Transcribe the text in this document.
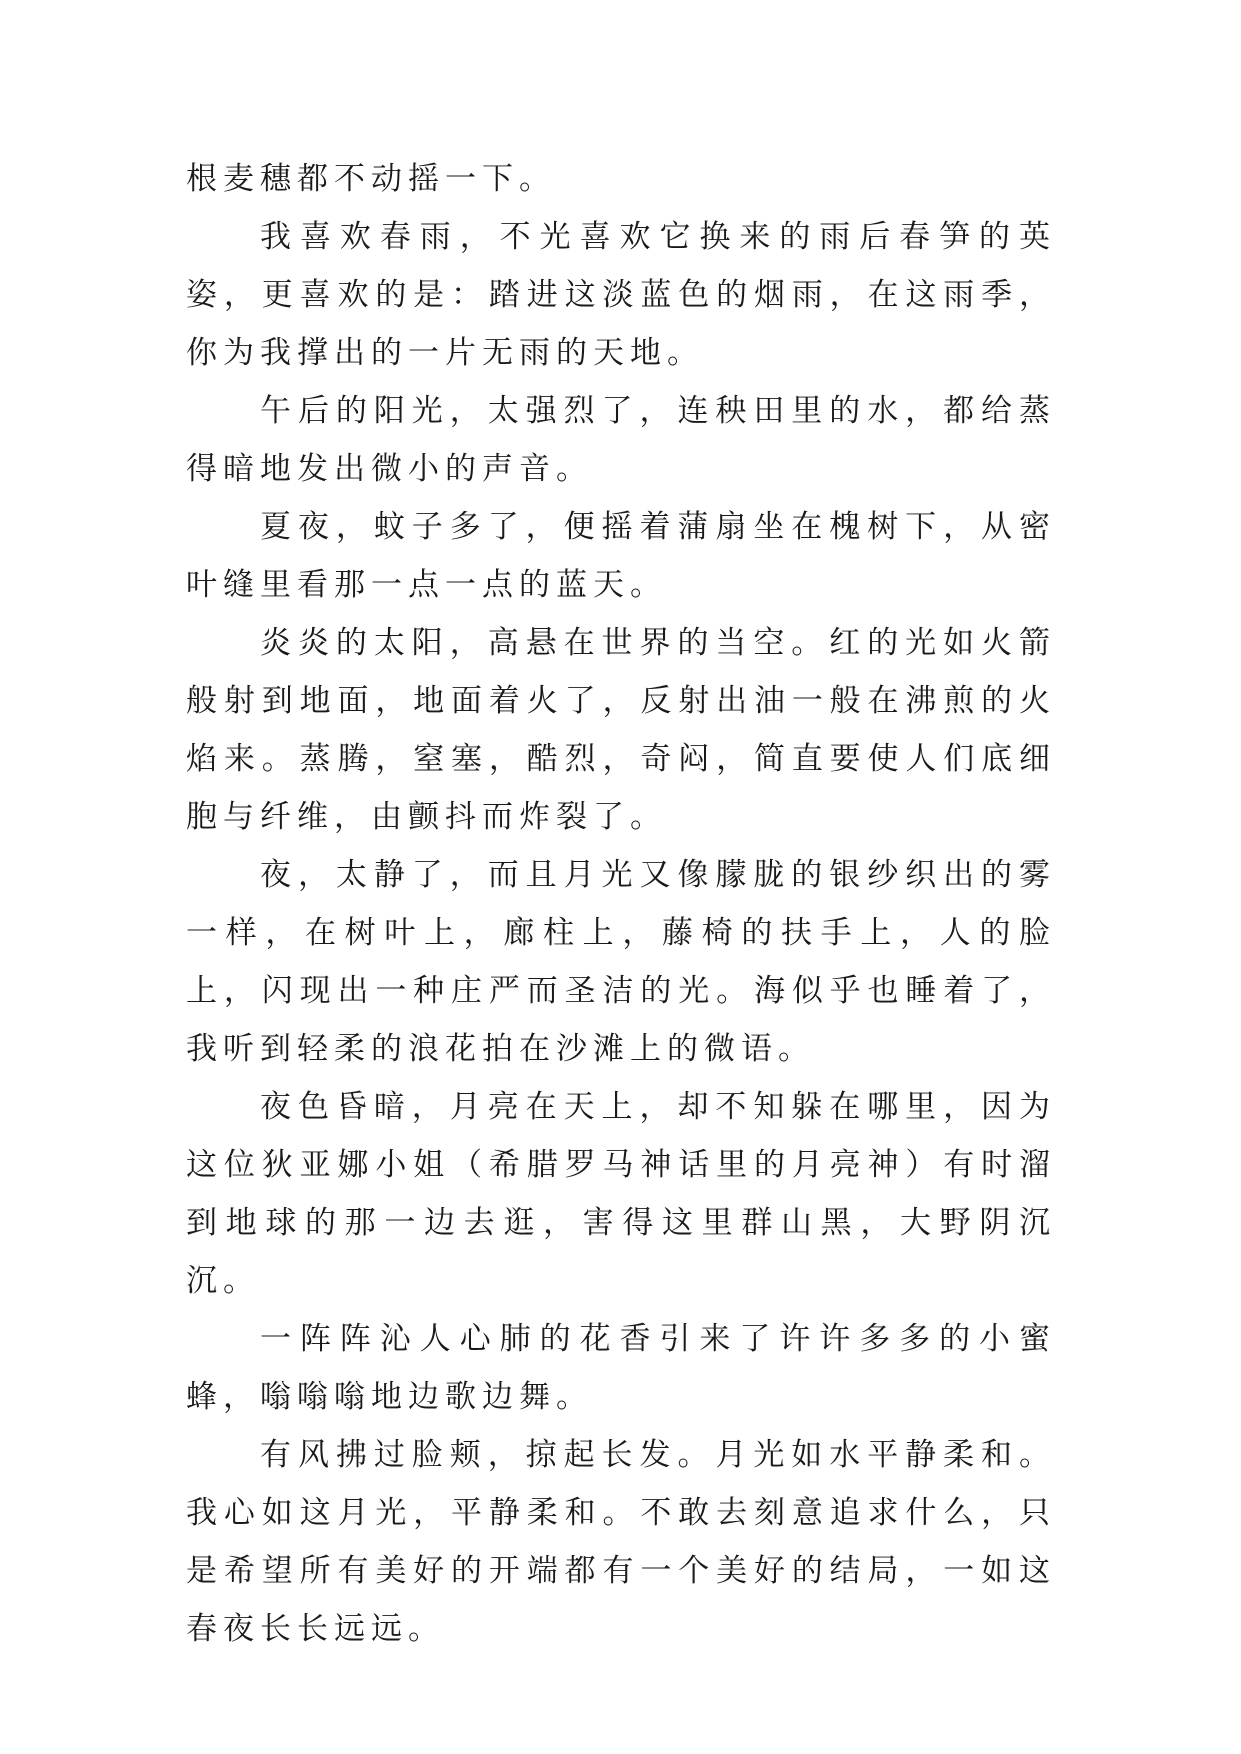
根麦穗都不动摇一下。

我喜欢春雨，不光喜欢它换来的雨后春笋的英姿，更喜欢的是：踏进这淡蓝色的烟雨，在这雨季，你为我撑出的一片无雨的天地。

午后的阳光，太强烈了，连秧田里的水，都给蒸得暗地发出微小的声音。

夏夜，蚊子多了，便摇着蒲扇坐在槐树下，从密叶缝里看那一点一点的蓝天。

炎炎的太阳，高悬在世界的当空。红的光如火箭般射到地面，地面着火了，反射出油一般在沸煎的火焰来。蒸腾，窒塞，酷烈，奇闷，简直要使人们底细胞与纤维，由颤抖而炸裂了。

夜，太静了，而且月光又像朦胧的银纱织出的雾一样，在树叶上，廊柱上，藤椅的扶手上，人的脸上，闪现出一种庄严而圣洁的光。海似乎也睡着了，我听到轻柔的浪花拍在沙滩上的微语。

夜色昏暗，月亮在天上，却不知躲在哪里，因为这位狄亚娜小姐（希腊罗马神话里的月亮神）有时溜到地球的那一边去逛，害得这里群山黑，大野阴沉沉。

一阵阵沁人心肺的花香引来了许许多多的小蜜蜂，嗡嗡嗡地边歌边舞。

有风拂过脸颊，掠起长发。月光如水平静柔和。我心如这月光，平静柔和。不敢去刻意追求什么，只是希望所有美好的开端都有一个美好的结局，一如这春夜长长远远。
